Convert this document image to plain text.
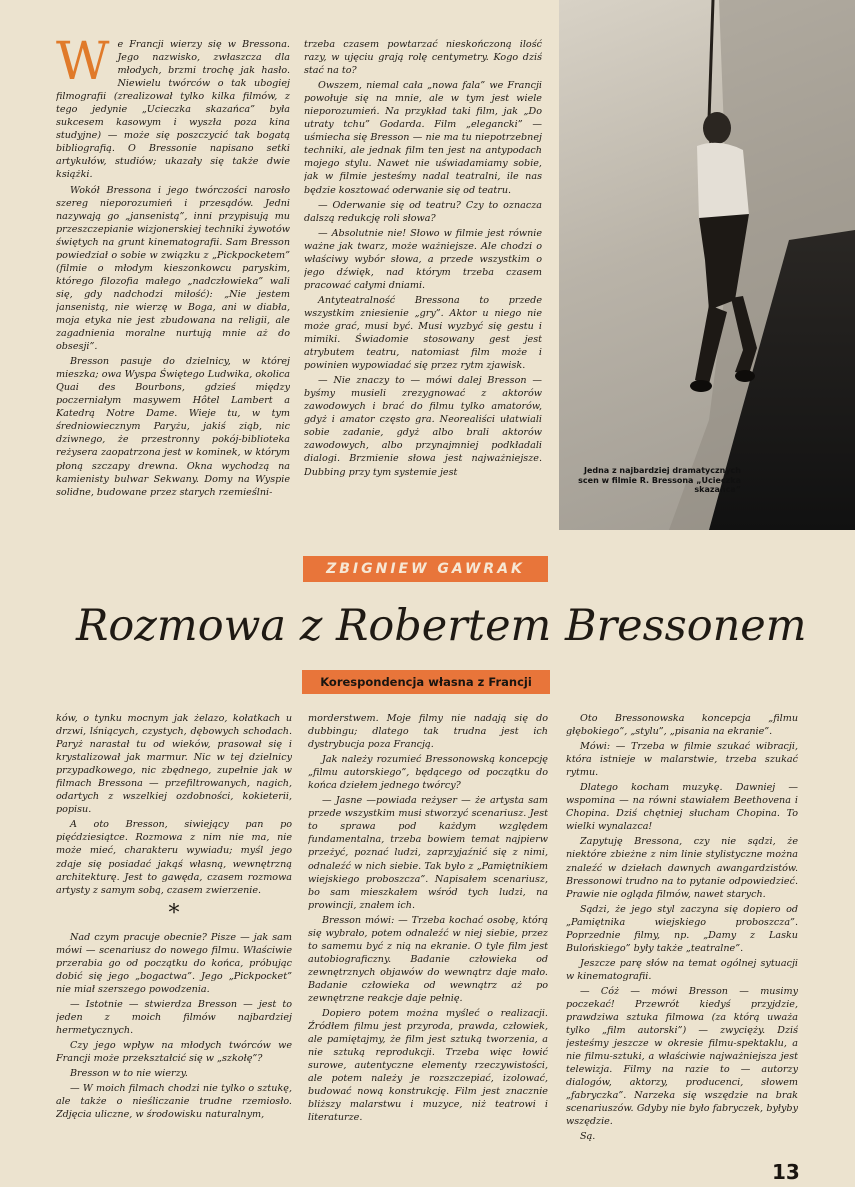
W e Francji wierzy się w Bressona. Jego nazwisko, zwłaszcza dla młodych, brzmi trochę jak hasło. Niewielu twórców o tak ubogiej filmografii (zrealizował tylko kilka filmów, z tego jedynie „Ucieczka skazańca” była sukcesem kasowym i wyszła poza kina studyjne) — może się poszczycić tak bogatą bibliografią. O Bressonie napisano setki artykułów, studiów; ukazały się także dwie książki.

Wokół Bressona i jego twórczości narosło szereg nieporozumień i przesądów. Jedni nazywają go „jansenistą”, inni przypisują mu przeszczepianie wizjonerskiej techniki żywotów świętych na grunt kinematografii. Sam Bresson powiedział o sobie w związku z „Pickpocketem” (filmie o młodym kieszonkowcu paryskim, którego filozofia małego „nadczłowieka” wali się, gdy nadchodzi miłość): „Nie jestem jansenistą, nie wierzę w Boga, ani w diabła, moja etyka nie jest zbudowana na religii, ale zagadnienia moralne nurtują mnie aż do obsesji”.

Bresson pasuje do dzielnicy, w której mieszka; owa Wyspa Świętego Ludwika, okolica Quai des Bourbons, gdzieś między poczerniałym masywem Hôtel Lambert a Katedrą Notre Dame. Wieje tu, w tym średniowiecznym Paryżu, jakiś ziąb, nic dziwnego, że przestronny pokój-biblioteka reżysera zaopatrzona jest w kominek, w którym płoną szczapy drewna. Okna wychodzą na kamienisty bulwar Sekwany. Domy na Wyspie solidne, budowane przez starych rzemieślni-

trzeba czasem powtarzać nieskończoną ilość razy, w ujęciu grają rolę centymetry. Kogo dziś stać na to?

Owszem, niemal cała „nowa fala” we Francji powołuje się na mnie, ale w tym jest wiele nieporozumień. Na przykład taki film, jak „Do utraty tchu” Godarda. Film „elegancki” — uśmiecha się Bresson — nie ma tu niepotrzebnej techniki, ale jednak film ten jest na antypodach mojego stylu. Nawet nie uświadamiamy sobie, jak w filmie jesteśmy nadal teatralni, ile nas będzie kosztować oderwanie się od teatru.

— Oderwanie się od teatru? Czy to oznacza dalszą redukcję roli słowa?

— Absolutnie nie! Słowo w filmie jest równie ważne jak twarz, może ważniejsze. Ale chodzi o właściwy wybór słowa, a przede wszystkim o jego dźwięk, nad którym trzeba czasem pracować całymi dniami.

Antyteatralność Bressona to przede wszystkim zniesienie „gry”. Aktor u niego nie może grać, musi być. Musi wyzbyć się gestu i mimiki. Świadomie stosowany gest jest atrybutem teatru, natomiast film może i powinien wypowiadać się przez rytm zjawisk.

— Nie znaczy to — mówi dalej Bresson — byśmy musieli zrezygnować z aktorów zawodowych i brać do filmu tylko amatorów, gdyż i amator często gra. Neorealiści ułatwiali sobie zadanie, gdyż albo brali aktorów zawodowych, albo przynajmniej podkładali dialogi. Brzmienie słowa jest najważniejsze. Dubbing przy tym systemie jest	Jedna z najbardziej dramatycznych scen w filmie R. Bressona „Ucieczka skazańca”
ZBIGNIEW GAWRAK
Rozmowa z Robertem Bressonem
Korespondencja własna z Francji

ków, o tynku mocnym jak żelazo, kołatkach u drzwi, lśniących, czystych, dębowych schodach. Paryż narastał tu od wieków, prasował się i krystalizował jak marmur. Nic w tej dzielnicy przypadkowego, nic zbędnego, zupełnie jak w filmach Bressona — przefiltrowanych, nagich, odartych z wszelkiej ozdobności, kokieterii, popisu.

A oto Bresson, siwiejący pan po pięćdziesiątce. Rozmowa z nim nie ma, nie może mieć, charakteru wywiadu; myśl jego zdaje się posiadać jakąś własną, wewnętrzną architekturę. Jest to gawęda, czasem rozmowa artysty z samym sobą, czasem zwierzenie.

*

Nad czym pracuje obecnie? Pisze — jak sam mówi — scenariusz do nowego filmu. Właściwie przerabia go od początku do końca, próbując dobić się jego „bogactwa”. Jego „Pickpocket” nie miał szerszego powodzenia.

— Istotnie — stwierdza Bresson — jest to jeden z moich filmów najbardziej hermetycznych.

Czy jego wpływ na młodych twórców we Francji może przekształcić się w „szkołę”?

Bresson w to nie wierzy.

— W moich filmach chodzi nie tylko o sztukę, ale także o nieśliczanie trudne rzemiosło. Zdjęcia uliczne, w środowisku naturalnym,

morderstwem. Moje filmy nie nadają się do dubbingu; dlatego tak trudna jest ich dystrybucja poza Francją.

Jak należy rozumieć Bressonowską koncepcję „filmu autorskiego”, będącego od początku do końca dziełem jednego twórcy?

— Jasne —powiada reżyser — że artysta sam przede wszystkim musi stworzyć scenariusz. Jest to sprawa pod każdym względem fundamentalna, trzeba bowiem temat najpierw przeżyć, poznać ludzi, zaprzyjaźnić się z nimi, odnaleźć w nich siebie. Tak było z „Pamiętnikiem wiejskiego proboszcza”. Napisałem scenariusz, bo sam mieszkałem wśród tych ludzi, na prowincji, znałem ich.

Bresson mówi: — Trzeba kochać osobę, którą się wybrało, potem odnaleźć w niej siebie, przez to samemu być z nią na ekranie. O tyle film jest autobiograficzny. Badanie człowieka od zewnętrznych objawów do wewnątrz daje mało. Badanie człowieka od wewnątrz aż po zewnętrzne reakcje daje pełnię.

Dopiero potem można myśleć o realizacji. Źródłem filmu jest przyroda, prawda, człowiek, ale pamiętajmy, że film jest sztuką tworzenia, a nie sztuką reprodukcji. Trzeba więc łowić surowe, autentyczne elementy rzeczywistości, ale potem należy je rozszczepiać, izolować, budować nową konstrukcję. Film jest znacznie bliższy malarstwu i muzyce, niż teatrowi i literaturze.

Oto Bressonowska koncepcja „filmu głębokiego”, „stylu”, „pisania na ekranie”.

Mówi: — Trzeba w filmie szukać wibracji, która istnieje w malarstwie, trzeba szukać rytmu.

Dlatego kocham muzykę. Dawniej — wspomina — na równi stawiałem Beethovena i Chopina. Dziś chętniej słucham Chopina. To wielki wynalazca!

Zapytuję Bressona, czy nie sądzi, że niektóre zbieżne z nim linie stylistyczne można znaleźć w dziełach dawnych awangardzistów. Bressonowi trudno na to pytanie odpowiedzieć. Prawie nie ogląda filmów, nawet starych.

Sądzi, że jego styl zaczyna się dopiero od „Pamiętnika wiejskiego proboszcza”. Poprzednie filmy, np. „Damy z Lasku Bulońskiego” były także „teatralne”.

Jeszcze parę słów na temat ogólnej sytuacji w kinematografii.

— Cóż — mówi Bresson — musimy poczekać! Przewrót kiedyś przyjdzie, prawdziwa sztuka filmowa (za którą uważa tylko „film autorski”) — zwycięży. Dziś jesteśmy jeszcze w okresie filmu-spektaklu, a nie filmu-sztuki, a właściwie najważniejsza jest telewizja. Filmy na razie to — autorzy dialogów, aktorzy, producenci, słowem „fabryczka”. Narzeka się wszędzie na brak scenariuszów. Gdyby nie było fabryczek, byłyby wszędzie.

Są.

13
